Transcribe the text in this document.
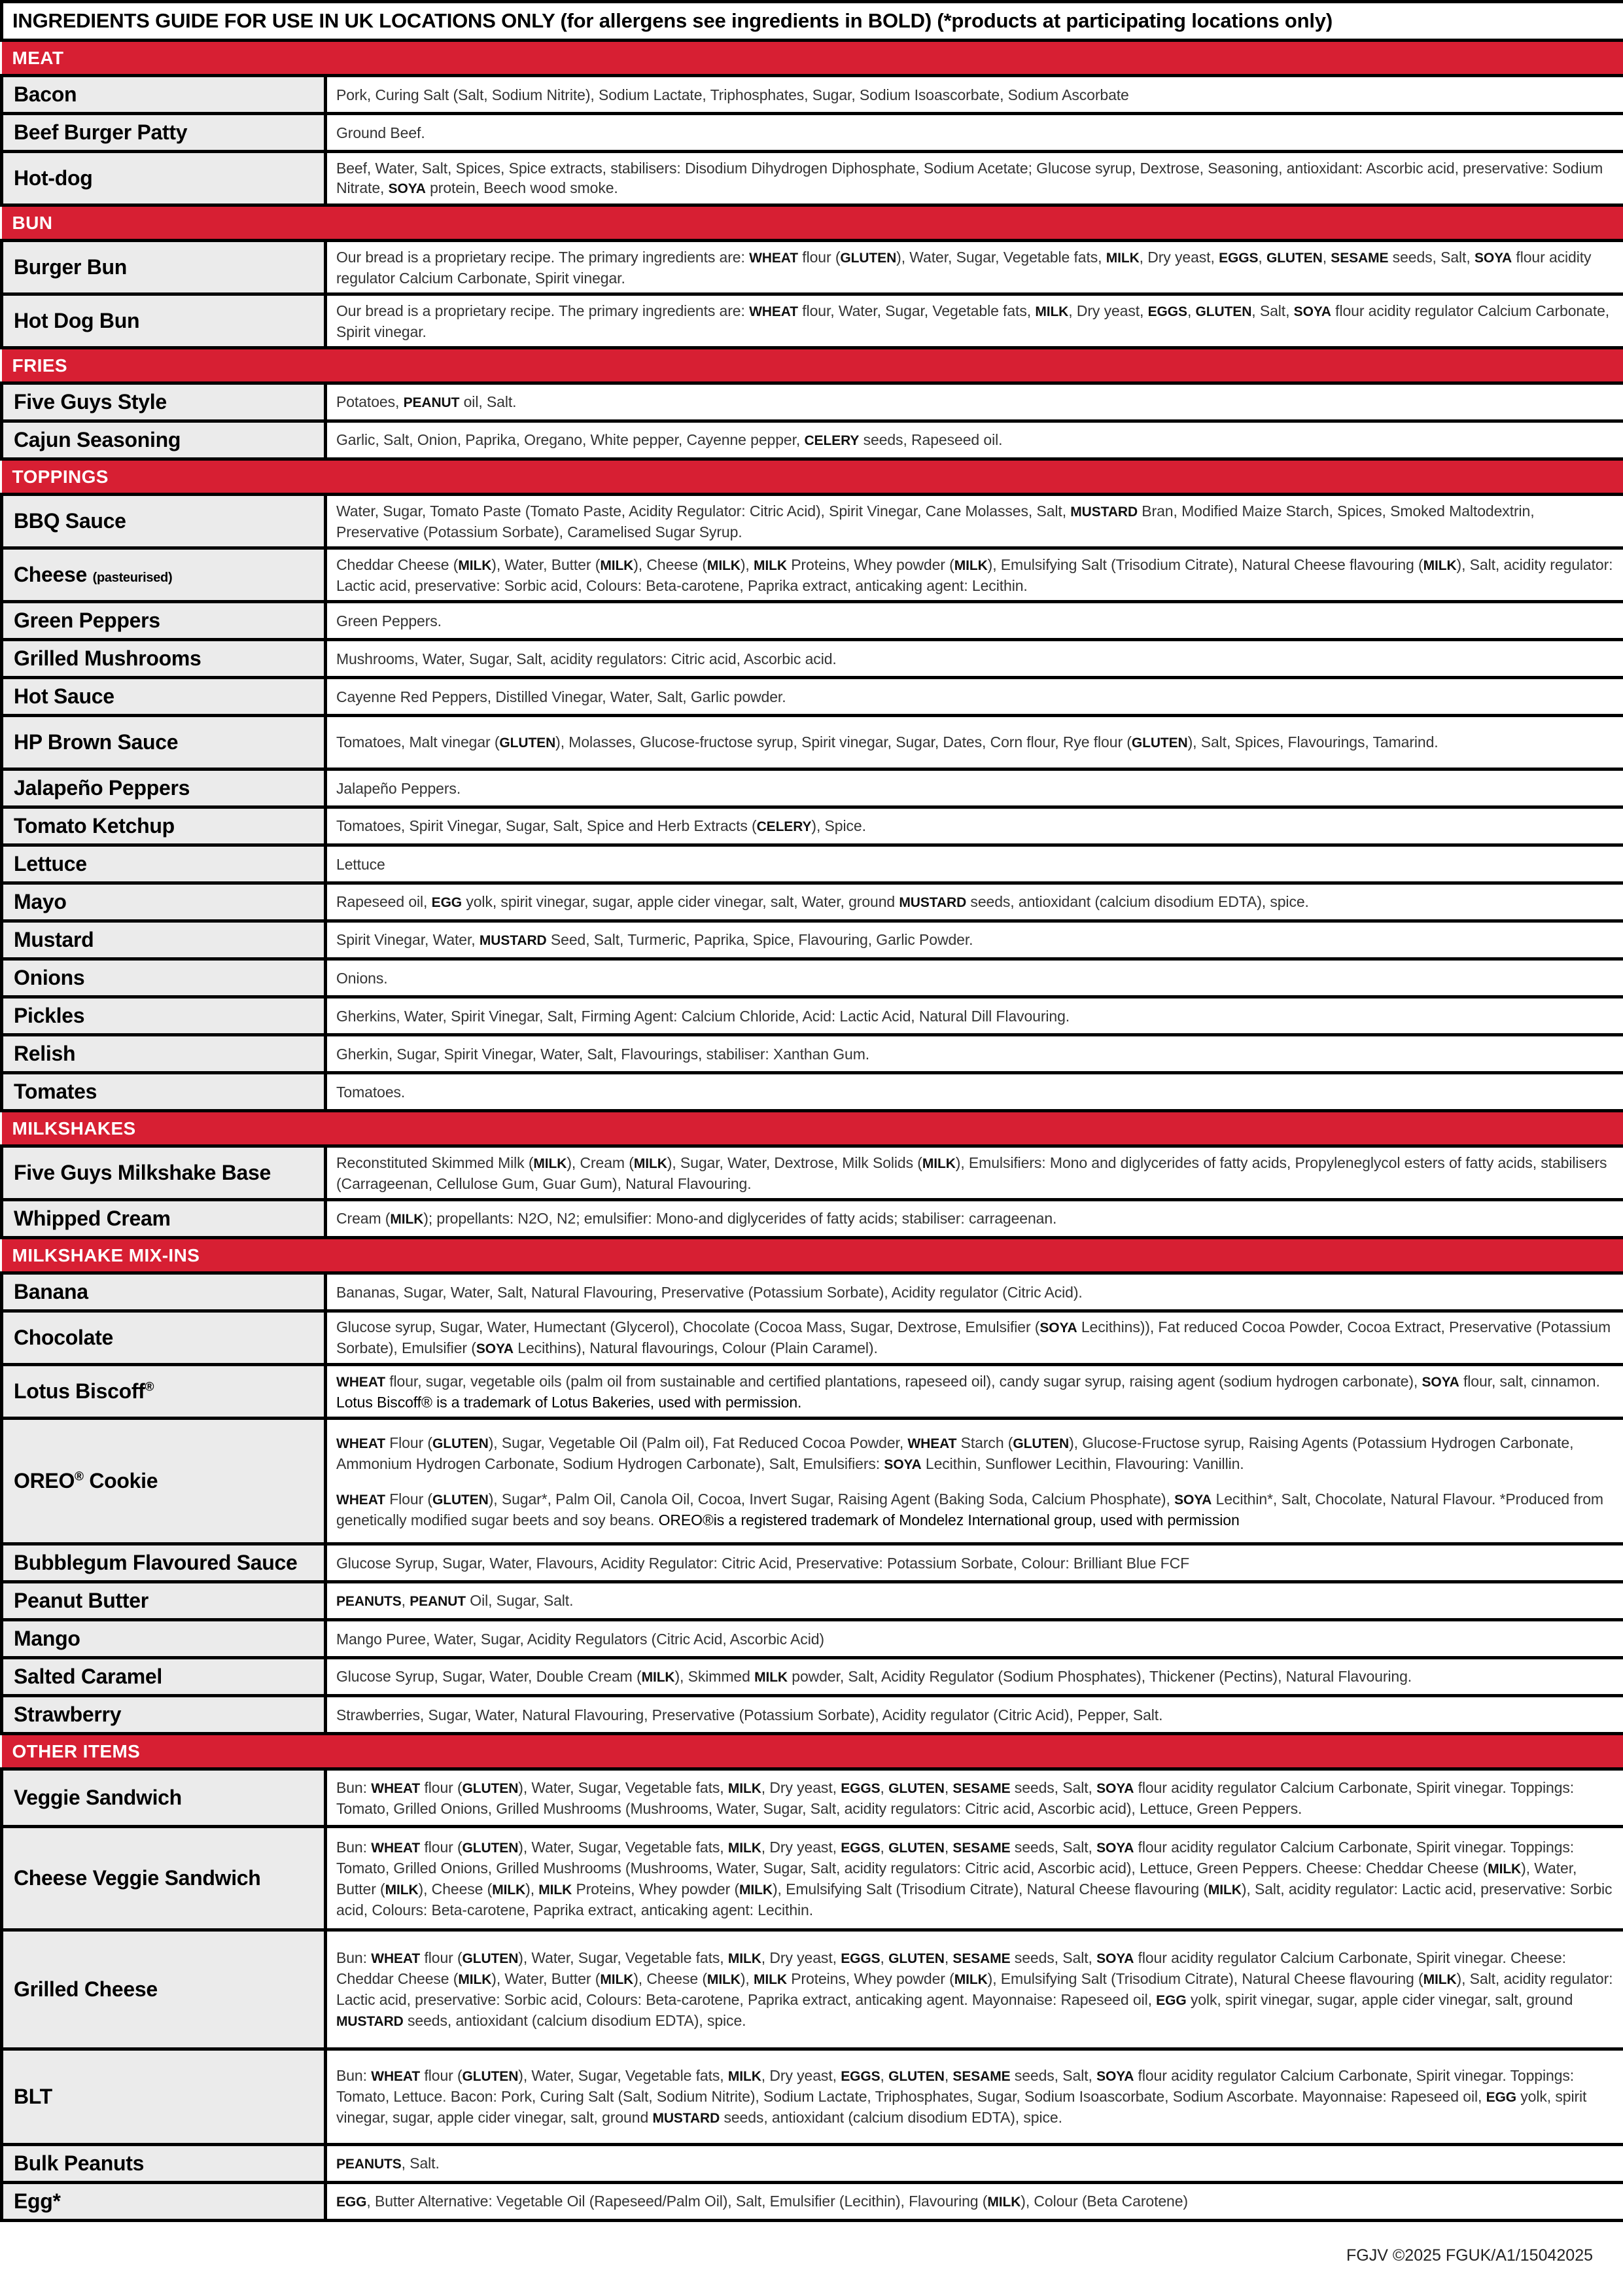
INGREDIENTS GUIDE FOR USE IN UK LOCATIONS ONLY (for allergens see ingredients in BOLD) (*products at participating locations only)	
MEAT	
Bacon	Pork, Curing Salt (Salt, Sodium Nitrite), Sodium Lactate, Triphosphates, Sugar, Sodium Isoascorbate, Sodium Ascorbate
Beef Burger Patty	Ground Beef.
Hot-dog	Beef, Water, Salt, Spices, Spice extracts, stabilisers: Disodium Dihydrogen Diphosphate, Sodium Acetate; Glucose syrup, Dextrose, Seasoning, antioxidant: Ascorbic acid, preservative: Sodium Nitrate, SOYA protein, Beech wood smoke.
BUN	
Burger Bun	Our bread is a proprietary recipe. The primary ingredients are: WHEAT flour (GLUTEN), Water, Sugar, Vegetable fats, MILK, Dry yeast, EGGS, GLUTEN, SESAME seeds, Salt, SOYA flour acidity regulator Calcium Carbonate, Spirit vinegar.
Hot Dog Bun	Our bread is a proprietary recipe. The primary ingredients are: WHEAT flour, Water, Sugar, Vegetable fats, MILK, Dry yeast, EGGS, GLUTEN, Salt, SOYA flour acidity regulator Calcium Carbonate, Spirit vinegar.
FRIES	
Five Guys Style	Potatoes, PEANUT oil, Salt.
Cajun Seasoning	Garlic, Salt, Onion, Paprika, Oregano, White pepper, Cayenne pepper, CELERY seeds, Rapeseed oil.
TOPPINGS	
BBQ Sauce	Water, Sugar, Tomato Paste (Tomato Paste, Acidity Regulator: Citric Acid), Spirit Vinegar, Cane Molasses, Salt, MUSTARD Bran, Modified Maize Starch, Spices, Smoked Maltodextrin, Preservative (Potassium Sorbate), Caramelised Sugar Syrup.
Cheese (pasteurised)	Cheddar Cheese (MILK), Water, Butter (MILK), Cheese (MILK), MILK Proteins, Whey powder (MILK), Emulsifying Salt (Trisodium Citrate), Natural Cheese flavouring (MILK), Salt, acidity regulator: Lactic acid, preservative: Sorbic acid, Colours: Beta-carotene, Paprika extract, anticaking agent: Lecithin.
Green Peppers	Green Peppers.
Grilled Mushrooms	Mushrooms, Water, Sugar, Salt, acidity regulators: Citric acid, Ascorbic acid.
Hot Sauce	Cayenne Red Peppers, Distilled Vinegar, Water, Salt, Garlic powder.
HP Brown Sauce	Tomatoes, Malt vinegar (GLUTEN), Molasses, Glucose-fructose syrup, Spirit vinegar, Sugar, Dates, Corn flour, Rye flour (GLUTEN), Salt, Spices, Flavourings, Tamarind.
Jalapeño Peppers	Jalapeño Peppers.
Tomato Ketchup	Tomatoes, Spirit Vinegar, Sugar, Salt, Spice and Herb Extracts (CELERY), Spice.
Lettuce	Lettuce
Mayo	Rapeseed oil, EGG yolk, spirit vinegar, sugar, apple cider vinegar, salt, Water, ground MUSTARD seeds, antioxidant (calcium disodium EDTA), spice.
Mustard	Spirit Vinegar, Water, MUSTARD Seed, Salt, Turmeric, Paprika, Spice, Flavouring, Garlic Powder.
Onions	Onions.
Pickles	Gherkins, Water, Spirit Vinegar, Salt, Firming Agent: Calcium Chloride, Acid: Lactic Acid, Natural Dill Flavouring.
Relish	Gherkin, Sugar, Spirit Vinegar, Water, Salt, Flavourings, stabiliser: Xanthan Gum.
Tomates	Tomatoes.
MILKSHAKES	
Five Guys Milkshake Base	Reconstituted Skimmed Milk (MILK), Cream (MILK), Sugar, Water, Dextrose, Milk Solids (MILK), Emulsifiers: Mono and diglycerides of fatty acids, Propyleneglycol esters of fatty acids, stabilisers (Carrageenan, Cellulose Gum, Guar Gum), Natural Flavouring.
Whipped Cream	Cream (MILK); propellants: N2O, N2; emulsifier: Mono-and diglycerides of fatty acids; stabiliser: carrageenan.
MILKSHAKE MIX-INS	
Banana	Bananas, Sugar, Water, Salt, Natural Flavouring, Preservative (Potassium Sorbate), Acidity regulator (Citric Acid).
Chocolate	Glucose syrup, Sugar, Water, Humectant (Glycerol), Chocolate (Cocoa Mass, Sugar, Dextrose, Emulsifier (SOYA Lecithins)), Fat reduced Cocoa Powder, Cocoa Extract, Preservative (Potassium Sorbate), Emulsifier (SOYA Lecithins), Natural flavourings, Colour (Plain Caramel).
Lotus Biscoff®	WHEAT flour, sugar, vegetable oils (palm oil from sustainable and certified plantations, rapeseed oil), candy sugar syrup, raising agent (sodium hydrogen carbonate), SOYA flour, salt, cinnamon. Lotus Biscoff® is a trademark of Lotus Bakeries, used with permission.
OREO® Cookie	WHEAT Flour (GLUTEN), Sugar, Vegetable Oil (Palm oil), Fat Reduced Cocoa Powder, WHEAT Starch (GLUTEN), Glucose-Fructose syrup, Raising Agents (Potassium Hydrogen Carbonate, Ammonium Hydrogen Carbonate, Sodium Hydrogen Carbonate), Salt, Emulsifiers: SOYA Lecithin, Sunflower Lecithin, Flavouring: Vanillin.
WHEAT Flour (GLUTEN), Sugar*, Palm Oil, Canola Oil, Cocoa, Invert Sugar, Raising Agent (Baking Soda, Calcium Phosphate), SOYA Lecithin*, Salt, Chocolate, Natural Flavour. *Produced from genetically modified sugar beets and soy beans. OREO®is a registered trademark of Mondelez International group, used with permission
Bubblegum Flavoured Sauce	Glucose Syrup, Sugar, Water, Flavours, Acidity Regulator: Citric Acid, Preservative: Potassium Sorbate, Colour: Brilliant Blue FCF
Peanut Butter	PEANUTS, PEANUT Oil, Sugar, Salt.
Mango	Mango Puree, Water, Sugar, Acidity Regulators (Citric Acid, Ascorbic Acid)
Salted Caramel	Glucose Syrup, Sugar, Water, Double Cream (MILK), Skimmed MILK powder, Salt, Acidity Regulator (Sodium Phosphates), Thickener (Pectins), Natural Flavouring.
Strawberry	Strawberries, Sugar, Water, Natural Flavouring, Preservative (Potassium Sorbate), Acidity regulator (Citric Acid), Pepper, Salt.
OTHER ITEMS	
Veggie Sandwich	Bun: WHEAT flour (GLUTEN), Water, Sugar, Vegetable fats, MILK, Dry yeast, EGGS, GLUTEN, SESAME seeds, Salt, SOYA flour acidity regulator Calcium Carbonate, Spirit vinegar. Toppings: Tomato, Grilled Onions, Grilled Mushrooms (Mushrooms, Water, Sugar, Salt, acidity regulators: Citric acid, Ascorbic acid), Lettuce, Green Peppers.
Cheese Veggie Sandwich	Bun: WHEAT flour (GLUTEN), Water, Sugar, Vegetable fats, MILK, Dry yeast, EGGS, GLUTEN, SESAME seeds, Salt, SOYA flour acidity regulator Calcium Carbonate, Spirit vinegar. Toppings: Tomato, Grilled Onions, Grilled Mushrooms (Mushrooms, Water, Sugar, Salt, acidity regulators: Citric acid, Ascorbic acid), Lettuce, Green Peppers. Cheese: Cheddar Cheese (MILK), Water, Butter (MILK), Cheese (MILK), MILK Proteins, Whey powder (MILK), Emulsifying Salt (Trisodium Citrate), Natural Cheese flavouring (MILK), Salt, acidity regulator: Lactic acid, preservative: Sorbic acid, Colours: Beta-carotene, Paprika extract, anticaking agent: Lecithin.
Grilled Cheese	Bun: WHEAT flour (GLUTEN), Water, Sugar, Vegetable fats, MILK, Dry yeast, EGGS, GLUTEN, SESAME seeds, Salt, SOYA flour acidity regulator Calcium Carbonate, Spirit vinegar. Cheese: Cheddar Cheese (MILK), Water, Butter (MILK), Cheese (MILK), MILK Proteins, Whey powder (MILK), Emulsifying Salt (Trisodium Citrate), Natural Cheese flavouring (MILK), Salt, acidity regulator: Lactic acid, preservative: Sorbic acid, Colours: Beta-carotene, Paprika extract, anticaking agent. Mayonnaise: Rapeseed oil, EGG yolk, spirit vinegar, sugar, apple cider vinegar, salt, ground MUSTARD seeds, antioxidant (calcium disodium EDTA), spice.
BLT	Bun: WHEAT flour (GLUTEN), Water, Sugar, Vegetable fats, MILK, Dry yeast, EGGS, GLUTEN, SESAME seeds, Salt, SOYA flour acidity regulator Calcium Carbonate, Spirit vinegar. Toppings: Tomato, Lettuce. Bacon: Pork, Curing Salt (Salt, Sodium Nitrite), Sodium Lactate, Triphosphates, Sugar, Sodium Isoascorbate, Sodium Ascorbate. Mayonnaise: Rapeseed oil, EGG yolk, spirit vinegar, sugar, apple cider vinegar, salt, ground MUSTARD seeds, antioxidant (calcium disodium EDTA), spice.
Bulk Peanuts	PEANUTS, Salt.
Egg*	EGG, Butter Alternative: Vegetable Oil (Rapeseed/Palm Oil), Salt, Emulsifier (Lecithin), Flavouring (MILK), Colour (Beta Carotene)
FGJV ©2025 FGUK/A1/15042025
